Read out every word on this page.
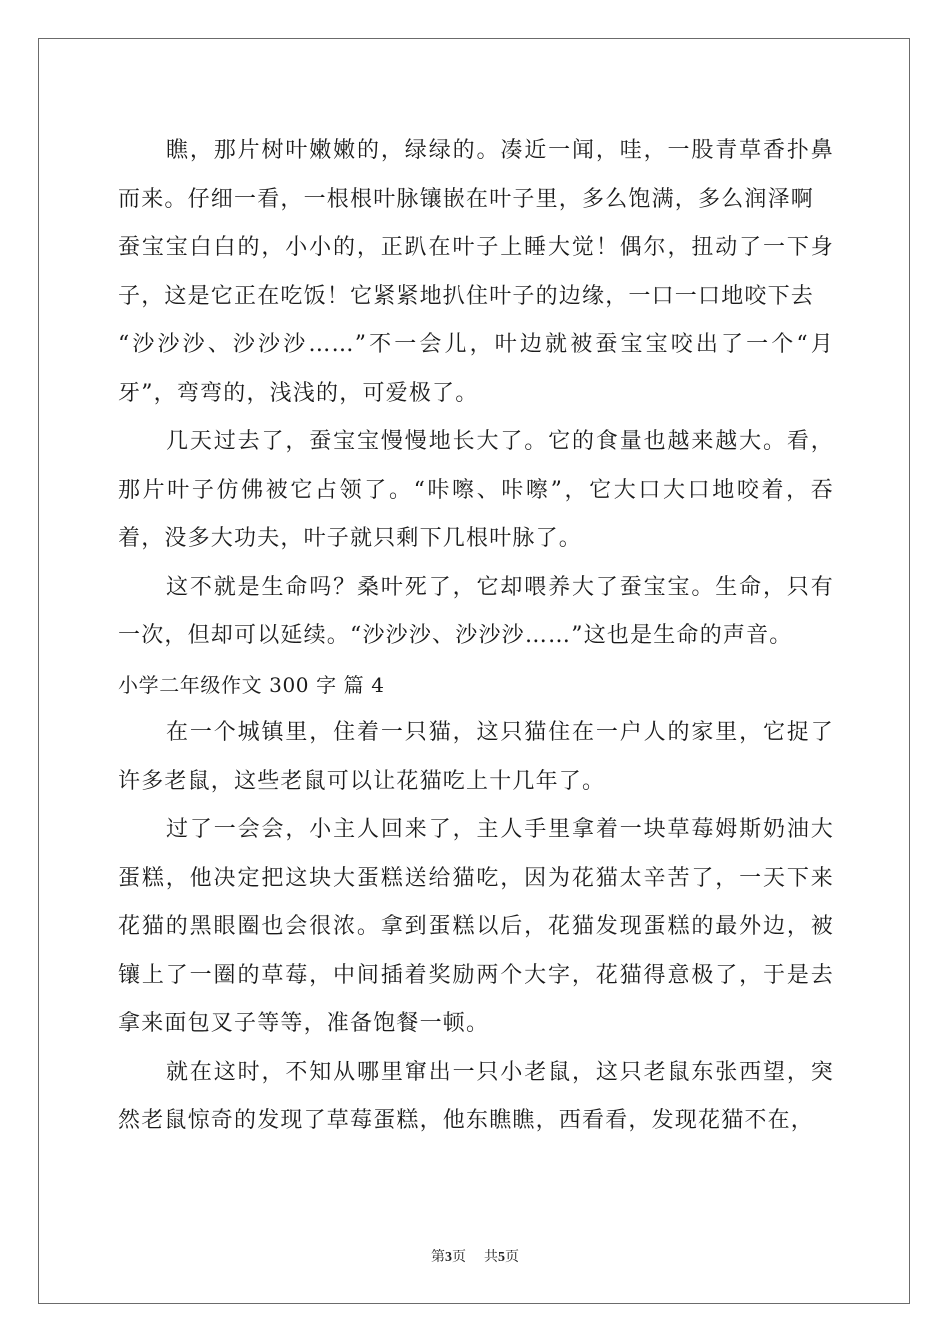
瞧，那片树叶嫩嫩的，绿绿的。凑近一闻，哇，一股青草香扑鼻而来。仔细一看，一根根叶脉镶嵌在叶子里，多么饱满，多么润泽啊

蚕宝宝白白的，小小的，正趴在叶子上睡大觉！偶尔，扭动了一下身子，这是它正在吃饭！它紧紧地扒住叶子的边缘，一口一口地咬下去

“沙沙沙、沙沙沙……”不一会儿，叶边就被蚕宝宝咬出了一个“月牙”，弯弯的，浅浅的，可爱极了。

几天过去了，蚕宝宝慢慢地长大了。它的食量也越来越大。看，那片叶子仿佛被它占领了。“咔嚓、咔嚓”，它大口大口地咬着，吞着，没多大功夫，叶子就只剩下几根叶脉了。

这不就是生命吗？桑叶死了，它却喂养大了蚕宝宝。生命，只有一次，但却可以延续。“沙沙沙、沙沙沙……”这也是生命的声音。

小学二年级作文 300 字 篇 4

在一个城镇里，住着一只猫，这只猫住在一户人的家里，它捉了许多老鼠，这些老鼠可以让花猫吃上十几年了。

过了一会会，小主人回来了，主人手里拿着一块草莓姆斯奶油大蛋糕，他决定把这块大蛋糕送给猫吃，因为花猫太辛苦了，一天下来花猫的黑眼圈也会很浓。拿到蛋糕以后，花猫发现蛋糕的最外边，被镶上了一圈的草莓，中间插着奖励两个大字，花猫得意极了，于是去拿来面包叉子等等，准备饱餐一顿。

就在这时，不知从哪里窜出一只小老鼠，这只老鼠东张西望，突然老鼠惊奇的发现了草莓蛋糕，他东瞧瞧，西看看，发现花猫不在，

第3页 共5页
